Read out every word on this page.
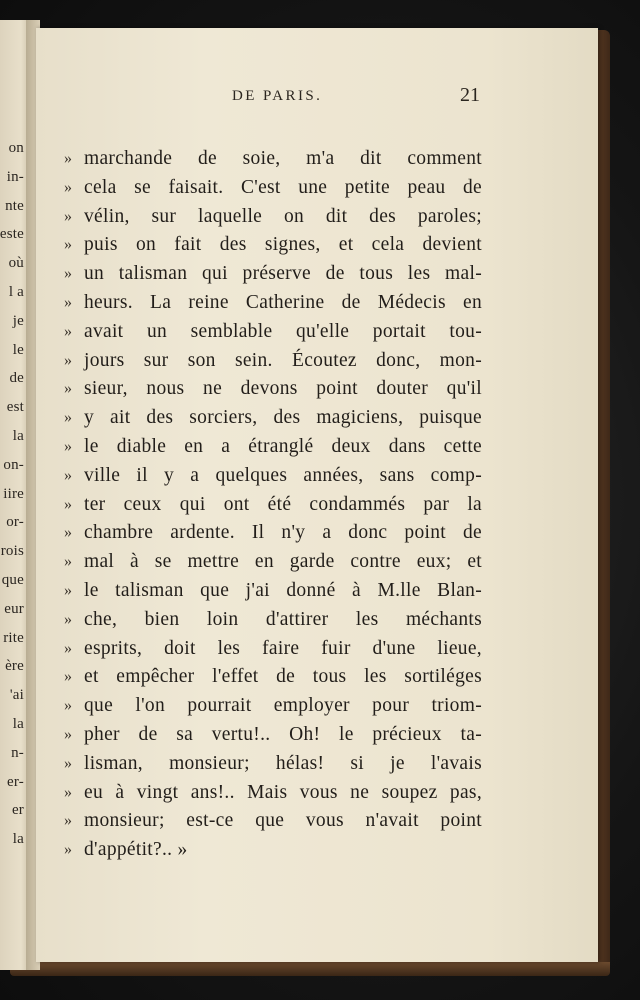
on
in-
nte
este
où
l a
je
le
de
est
la
on-
iire
or-
rois
que
eur
rite
ère
'ai
la
n-
er-
er
la
DE PARIS.	21
» marchande de soie, m'a dit comment
» cela se faisait. C'est une petite peau de
» vélin, sur laquelle on dit des paroles;
» puis on fait des signes, et cela devient
» un talisman qui préserve de tous les mal-
» heurs. La reine Catherine de Médecis en
» avait un semblable qu'elle portait tou-
» jours sur son sein. Écoutez donc, mon-
» sieur, nous ne devons point douter qu'il
» y ait des sorciers, des magiciens, puisque
» le diable en a étranglé deux dans cette
» ville il y a quelques années, sans comp-
» ter ceux qui ont été condammés par la
» chambre ardente. Il n'y a donc point de
» mal à se mettre en garde contre eux; et
» le talisman que j'ai donné à M.lle Blan-
» che, bien loin d'attirer les méchants
» esprits, doit les faire fuir d'une lieue,
» et empêcher l'effet de tous les sortiléges
» que l'on pourrait employer pour triom-
» pher de sa vertu!.. Oh! le précieux ta-
» lisman, monsieur; hélas! si je l'avais
» eu à vingt ans!.. Mais vous ne soupez pas,
» monsieur; est-ce que vous n'avait point
» d'appétit?.. »
